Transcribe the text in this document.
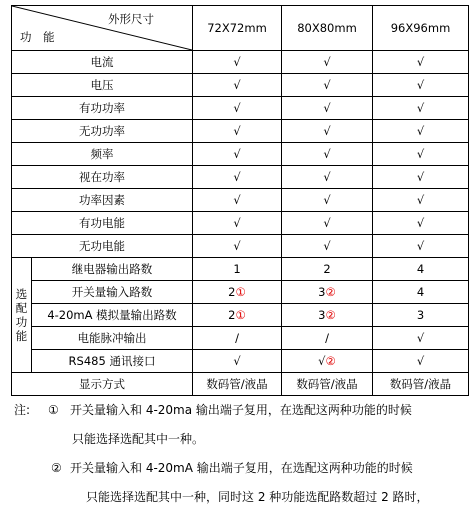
外形尺寸
功 能		72X72mm	80X80mm	96X96mm
电流		√	√	√
电压		√	√	√
有功功率		√	√	√
无功功率		√	√	√
频率		√	√	√
视在功率		√	√	√
功率因素		√	√	√
有功电能		√	√	√
无功电能		√	√	√

选
配
功
能	继电器输出路数	1	2	4
	开关量输入路数	2①	3②	4
	4-20mA 模拟量输出路数	2①	3②	3
	电能脉冲输出	/	/	√
	RS485 通讯接口	√	√②	√
显示方式		数码管/液晶	数码管/液晶	数码管/液晶
注: ① 开关量输入和 4-20ma 输出端子复用，在选配这两种功能的时候
只能选择选配其中一种。
② 开关量输入和 4-20mA 输出端子复用，在选配这两种功能的时候
只能选择选配其中一种，同时这 2 种功能选配路数超过 2 路时，
